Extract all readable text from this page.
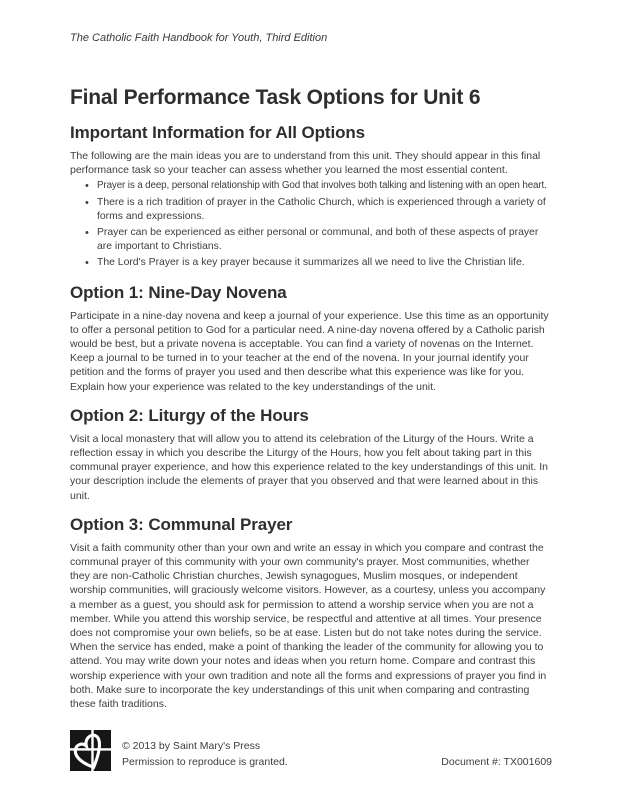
The Catholic Faith Handbook for Youth, Third Edition
Final Performance Task Options for Unit 6
Important Information for All Options

The following are the main ideas you are to understand from this unit. They should appear in this final performance task so your teacher can assess whether you learned the most essential content.

• Prayer is a deep, personal relationship with God that involves both talking and listening with an open heart.
• There is a rich tradition of prayer in the Catholic Church, which is experienced through a variety of forms and expressions.
• Prayer can be experienced as either personal or communal, and both of these aspects of prayer are important to Christians.
• The Lord's Prayer is a key prayer because it summarizes all we need to live the Christian life.
Option 1: Nine-Day Novena

Participate in a nine-day novena and keep a journal of your experience. Use this time as an opportunity to offer a personal petition to God for a particular need. A nine-day novena offered by a Catholic parish would be best, but a private novena is acceptable. You can find a variety of novenas on the Internet. Keep a journal to be turned in to your teacher at the end of the novena. In your journal identify your petition and the forms of prayer you used and then describe what this experience was like for you. Explain how your experience was related to the key understandings of the unit.

Option 2: Liturgy of the Hours

Visit a local monastery that will allow you to attend its celebration of the Liturgy of the Hours. Write a reflection essay in which you describe the Liturgy of the Hours, how you felt about taking part in this communal prayer experience, and how this experience related to the key understandings of this unit. In your description include the elements of prayer that you observed and that were learned about in this unit.

Option 3: Communal Prayer

Visit a faith community other than your own and write an essay in which you compare and contrast the communal prayer of this community with your own community's prayer. Most communities, whether they are non-Catholic Christian churches, Jewish synagogues, Muslim mosques, or independent worship communities, will graciously welcome visitors. However, as a courtesy, unless you accompany a member as a guest, you should ask for permission to attend a worship service when you are not a member. While you attend this worship service, be respectful and attentive at all times. Your presence does not compromise your own beliefs, so be at ease. Listen but do not take notes during the service. When the service has ended, make a point of thanking the leader of the community for allowing you to attend. You may write down your notes and ideas when you return home. Compare and contrast this worship experience with your own tradition and note all the forms and expressions of prayer you find in both. Make sure to incorporate the key understandings of this unit when comparing and contrasting these faith traditions.

© 2013 by Saint Mary's Press
Permission to reproduce is granted.	Document #: TX001609
